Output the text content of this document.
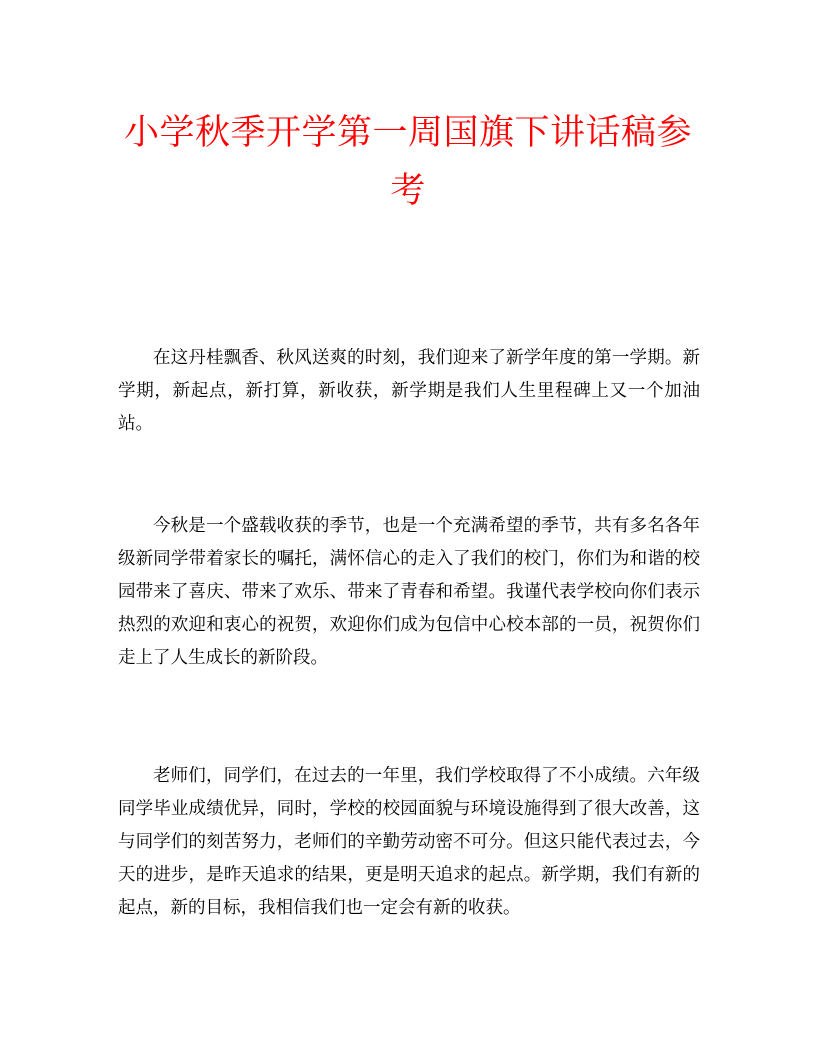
小学秋季开学第一周国旗下讲话稿参考

在这丹桂飘香、秋风送爽的时刻，我们迎来了新学年度的第一学期。新学期，新起点，新打算，新收获，新学期是我们人生里程碑上又一个加油站。

今秋是一个盛载收获的季节，也是一个充满希望的季节，共有多名各年级新同学带着家长的嘱托，满怀信心的走入了我们的校门，你们为和谐的校园带来了喜庆、带来了欢乐、带来了青春和希望。我谨代表学校向你们表示热烈的欢迎和衷心的祝贺，欢迎你们成为包信中心校本部的一员，祝贺你们走上了人生成长的新阶段。

老师们，同学们，在过去的一年里，我们学校取得了不小成绩。六年级同学毕业成绩优异，同时，学校的校园面貌与环境设施得到了很大改善，这与同学们的刻苦努力，老师们的辛勤劳动密不可分。但这只能代表过去，今天的进步，是昨天追求的结果，更是明天追求的起点。新学期，我们有新的起点，新的目标，我相信我们也一定会有新的收获。
